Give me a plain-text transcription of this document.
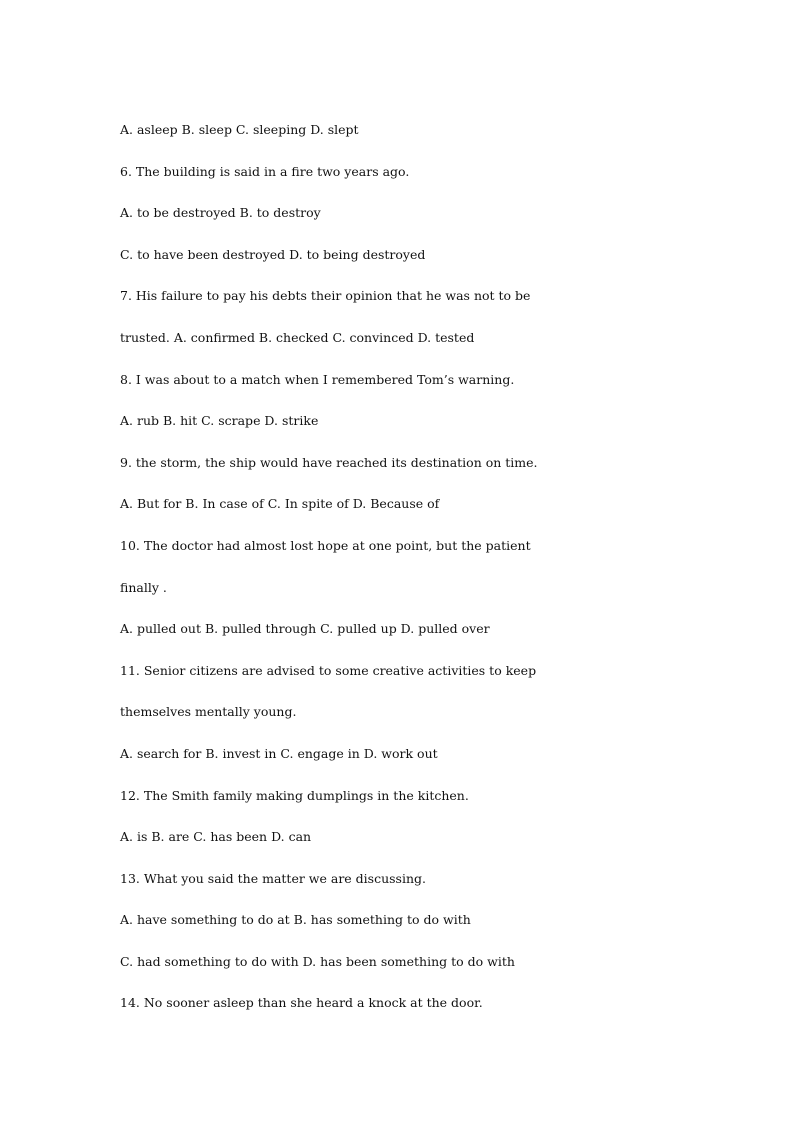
A. asleep B. sleep C. sleeping D. slept
6. The building is said in a fire two years ago.
A. to be destroyed B. to destroy
C. to have been destroyed D. to being destroyed
7. His failure to pay his debts their opinion that he was not to be
trusted. A. confirmed B. checked C. convinced D. tested
8. I was about to a match when I remembered Tom’s warning.
A. rub B. hit C. scrape D. strike
9. the storm, the ship would have reached its destination on time.
A. But for B. In case of C. In spite of D. Because of
10. The doctor had almost lost hope at one point, but the patient
finally .
A. pulled out B. pulled through C. pulled up D. pulled over
11. Senior citizens are advised to some creative activities to keep
themselves mentally young.
A. search for B. invest in C. engage in D. work out
12. The Smith family making dumplings in the kitchen.
A. is B. are C. has been D. can
13. What you said the matter we are discussing.
A. have something to do at B. has something to do with
C. had something to do with D. has been something to do with
14. No sooner asleep than she heard a knock at the door.
